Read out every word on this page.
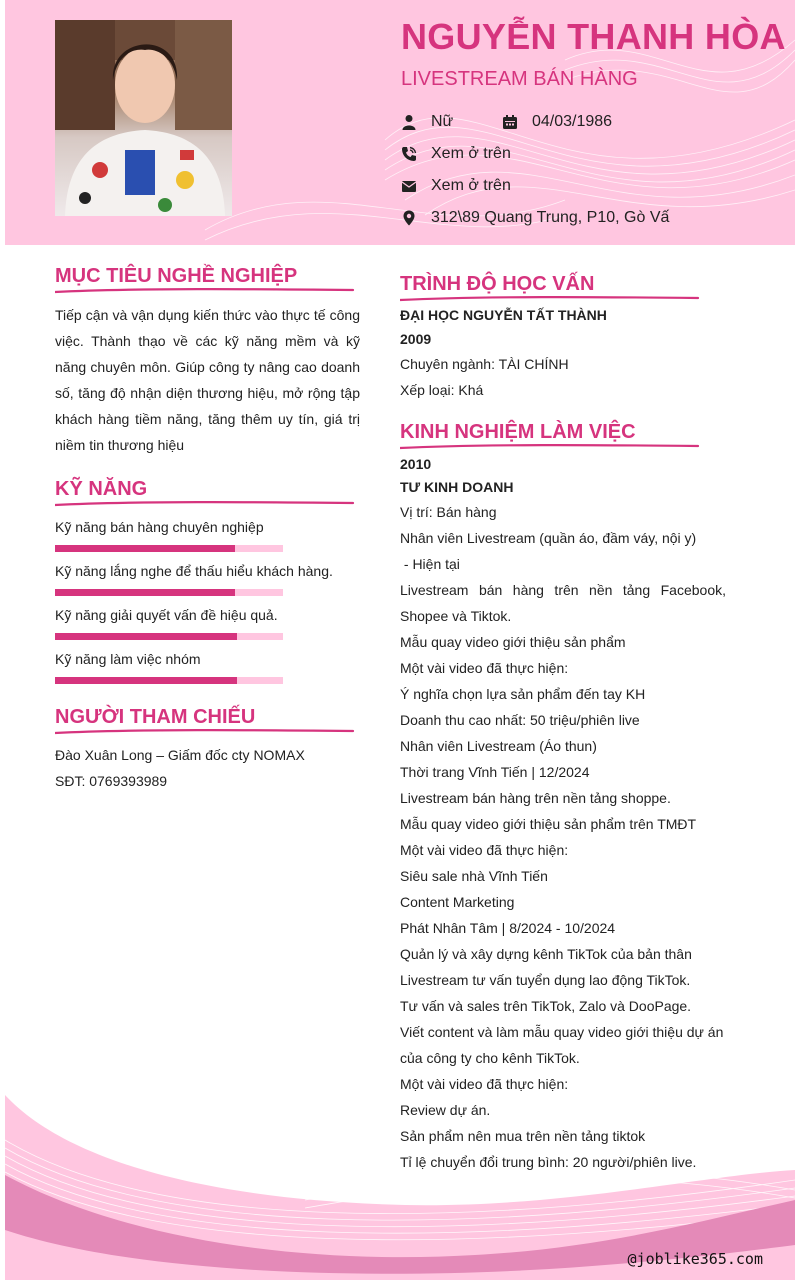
NGUYỄN THANH HÒA
LIVESTREAM BÁN HÀNG
Nữ	04/03/1986
Xem ở trên
Xem ở trên
312\89 Quang Trung, P10, Gò Vấ
MỤC TIÊU NGHỀ NGHIỆP
Tiếp cận và vận dụng kiến thức vào thực tế công việc. Thành thạo về các kỹ năng mềm và kỹ năng chuyên môn. Giúp công ty nâng cao doanh số, tăng độ nhận diện thương hiệu, mở rộng tập khách hàng tiềm năng, tăng thêm uy tín, giá trị niềm tin thương hiệu
KỸ NĂNG
Kỹ năng bán hàng chuyên nghiệp
Kỹ năng lắng nghe để thấu hiểu khách hàng.
Kỹ năng giải quyết vấn đề hiệu quả.
Kỹ năng làm việc nhóm
NGƯỜI THAM CHIẾU
Đào Xuân Long – Giấm đốc cty NOMAX
SĐT: 0769393989
TRÌNH ĐỘ HỌC VẤN
ĐẠI HỌC NGUYỄN TẤT THÀNH
2009
Chuyên ngành: TÀI CHÍNH
Xếp loại: Khá
KINH NGHIỆM LÀM VIỆC
2010
TƯ KINH DOANH
Vị trí: Bán hàng
Nhân viên Livestream (quần áo, đầm váy, nội y)
- Hiện tại
Livestream bán hàng trên nền tảng Facebook,
Shopee và Tiktok.
Mẫu quay video giới thiệu sản phẩm
Một vài video đã thực hiện:
Ý nghĩa chọn lựa sản phẩm đến tay KH
Doanh thu cao nhất: 50 triệu/phiên live
Nhân viên Livestream (Áo thun)
Thời trang Vĩnh Tiến | 12/2024
Livestream bán hàng trên nền tảng shoppe.
Mẫu quay video giới thiệu sản phẩm trên TMĐT
Một vài video đã thực hiện:
Siêu sale nhà Vĩnh Tiến
Content Marketing
Phát Nhân Tâm | 8/2024 - 10/2024
Quản lý và xây dựng kênh TikTok của bản thân
Livestream tư vấn tuyển dụng lao động TikTok.
Tư vấn và sales trên TikTok, Zalo và DooPage.
Viết content và làm mẫu quay video giới thiệu dự án
của công ty cho kênh TikTok.
Một vài video đã thực hiện:
Review dự án.
Sản phẩm nên mua trên nền tảng tiktok
Tỉ lệ chuyển đổi trung bình: 20 người/phiên live.
@joblike365.com
